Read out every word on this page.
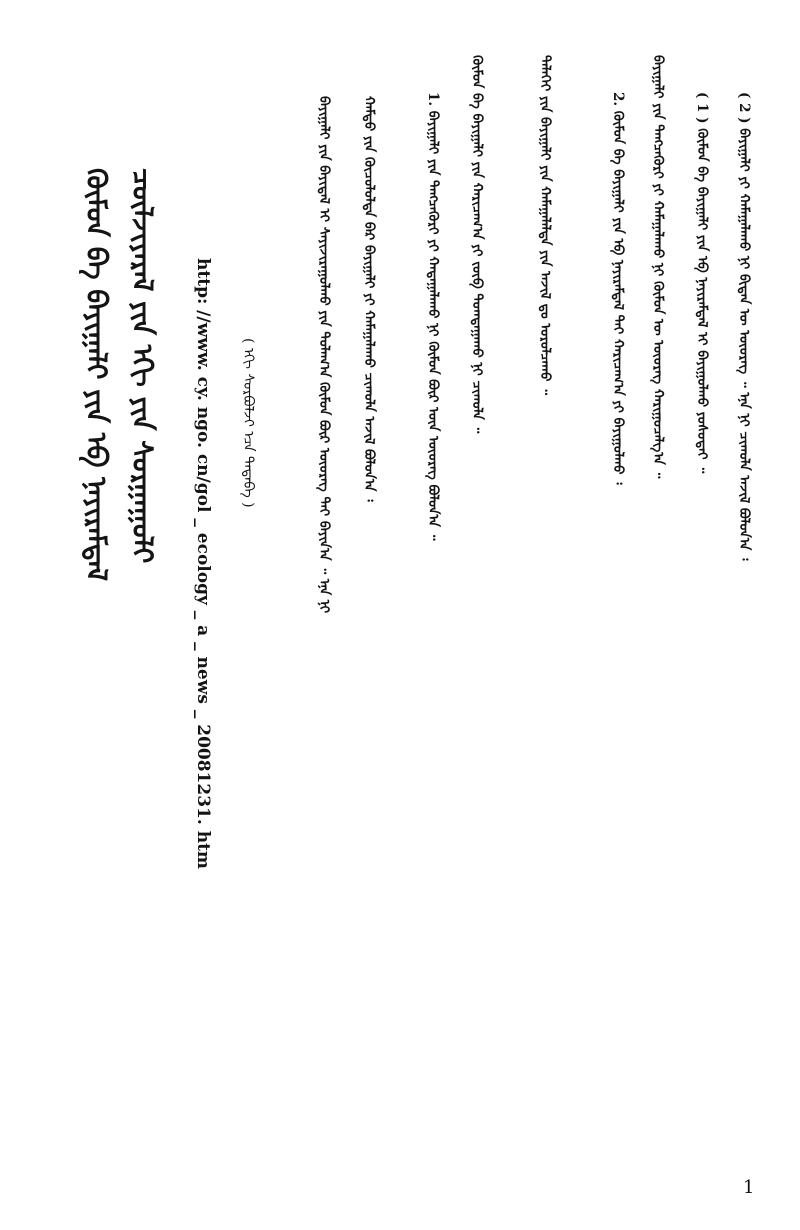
ᠴᠥᠯᠵᠢᠶᠡᠷᠡᠯ ᠶᠢᠨ ᠡᠬᠢ ᠶᠢᠨ ᠰᠤᠷᠭᠠᠭᠤᠯᠢ
ᠬᠦᠮᠦᠨ ᠪᠠ ᠪᠠᠶᠢᠭᠠᠯᠢ ᠶᠢᠨ ᠡᠪ ᠨᠠᠶᠢᠷᠠᠮᠳᠠᠯ	http: //www. cy. ngo. cn/gol _ ecology _ a _ news _ 20081231. htm ( ᠡᠬᠢ ᠰᠤᠷᠪᠤᠯᠵᠢ ᠡᠴᠡ ᠲᠠᠲᠠᠪᠠ )	ᠪᠠᠶᠢᠭᠠᠯᠢ ᠶᠢᠨ ᠪᠠᠶᠢᠳᠠᠯ ᠢ ᠰᠠᠶᠢᠵᠢᠷᠠᠭᠤᠯᠬᠤ ᠶᠢᠨ ᠲᠤᠯᠠᠭ᠎ᠠ ᠬᠦᠮᠦᠨ ᠪᠦᠷ ᠦᠦᠷᠡᠭ ᠲᠡᠢ ᠪᠠᠶᠢᠨ᠎ᠠ ᠃ ᠡᠨᠡ ᠨᠢ ᠬᠠᠮᠲᠤ ᠶᠢᠨ ᠬᠦᠴᠦᠯᠦᠯᠲᠡ ᠪᠡᠷ ᠪᠠᠶᠢᠭᠠᠯᠢ ᠶᠢ ᠬᠠᠮᠠᠭᠠᠯᠠᠬᠤ ᠴᠢᠬᠤᠯᠠ ᠠᠵᠢᠯ ᠪᠣᠯᠤᠨ᠎ᠠ ᠄	1. ᠪᠠᠶᠢᠭᠠᠯᠢ ᠶᠢᠨ ᠲᠡᠩᠴᠡᠭᠦᠷᠢ ᠶᠢ ᠬᠠᠳᠠᠭᠠᠯᠠᠬᠤ ᠨᠢ ᠬᠦᠮᠦᠨ ᠪᠦᠷ ᠦᠨ ᠦᠦᠷᠡᠭ ᠪᠣᠯᠤᠨ᠎ᠠ ᠃ ᠬᠦᠮᠦᠨ ᠪᠠ ᠪᠠᠶᠢᠭᠠᠯᠢ ᠶᠢᠨ ᠬᠠᠷᠢᠴᠠᠭ᠎ᠠ ᠶᠢ ᠵᠥᠪ ᠲᠣᠭᠲᠠᠭᠠᠬᠤ ᠨᠢ ᠴᠢᠬᠤᠯᠠ ᠃	ᠳᠡᠯᠡᠬᠡᠢ ᠶᠢᠨ ᠪᠠᠶᠢᠭᠠᠯᠢ ᠶᠢᠨ ᠬᠠᠮᠠᠭᠠᠯᠠᠯᠲᠠ ᠶᠢᠨ ᠠᠵᠢᠯ ᠳᠤ ᠣᠷᠣᠯᠴᠠᠬᠤ ᠃	2. ᠬᠦᠮᠦᠨ ᠪᠠ ᠪᠠᠶᠢᠭᠠᠯᠢ ᠶᠢᠨ ᠡᠪ ᠨᠠᠶᠢᠷᠠᠮᠳᠠᠯ ᠲᠠᠢ ᠬᠠᠷᠢᠴᠠᠭ᠎ᠠ ᠶᠢ ᠪᠠᠶᠢᠭᠤᠯᠬᠤ ᠄ ᠪᠠᠶᠢᠭᠠᠯᠢ ᠶᠢᠨ ᠲᠡᠩᠴᠡᠭᠦᠷᠢ ᠶᠢ ᠬᠠᠮᠠᠭᠠᠯᠠᠬᠤ ᠨᠢ ᠬᠦᠮᠦᠨ ᠦ ᠦᠦᠷᠡᠭ ᠬᠠᠷᠢᠭᠤᠴᠠᠯᠭ᠎ᠠ ᠃ ( 1 ) ᠬᠦᠮᠦᠨ ᠪᠠ ᠪᠠᠶᠢᠭᠠᠯᠢ ᠶᠢᠨ ᠡᠪ ᠨᠠᠶᠢᠷᠠᠮᠳᠠᠯ ᠢ ᠪᠠᠶᠢᠭᠤᠯᠬᠤ ᠶᠣᠰᠣᠳᠠᠢ ᠃ ( 2 ) ᠪᠠᠶᠢᠭᠠᠯᠢ ᠶᠢ ᠬᠠᠮᠠᠭᠠᠯᠠᠬᠤ ᠨᠢ ᠪᠢᠳᠡᠨ ᠦ ᠦᠦᠷᠡᠭ ᠃ ᠡᠨᠡ ᠨᠢ ᠴᠢᠬᠤᠯᠠ ᠠᠵᠢᠯ ᠪᠣᠯᠤᠨ᠎ᠠ ᠄
1
